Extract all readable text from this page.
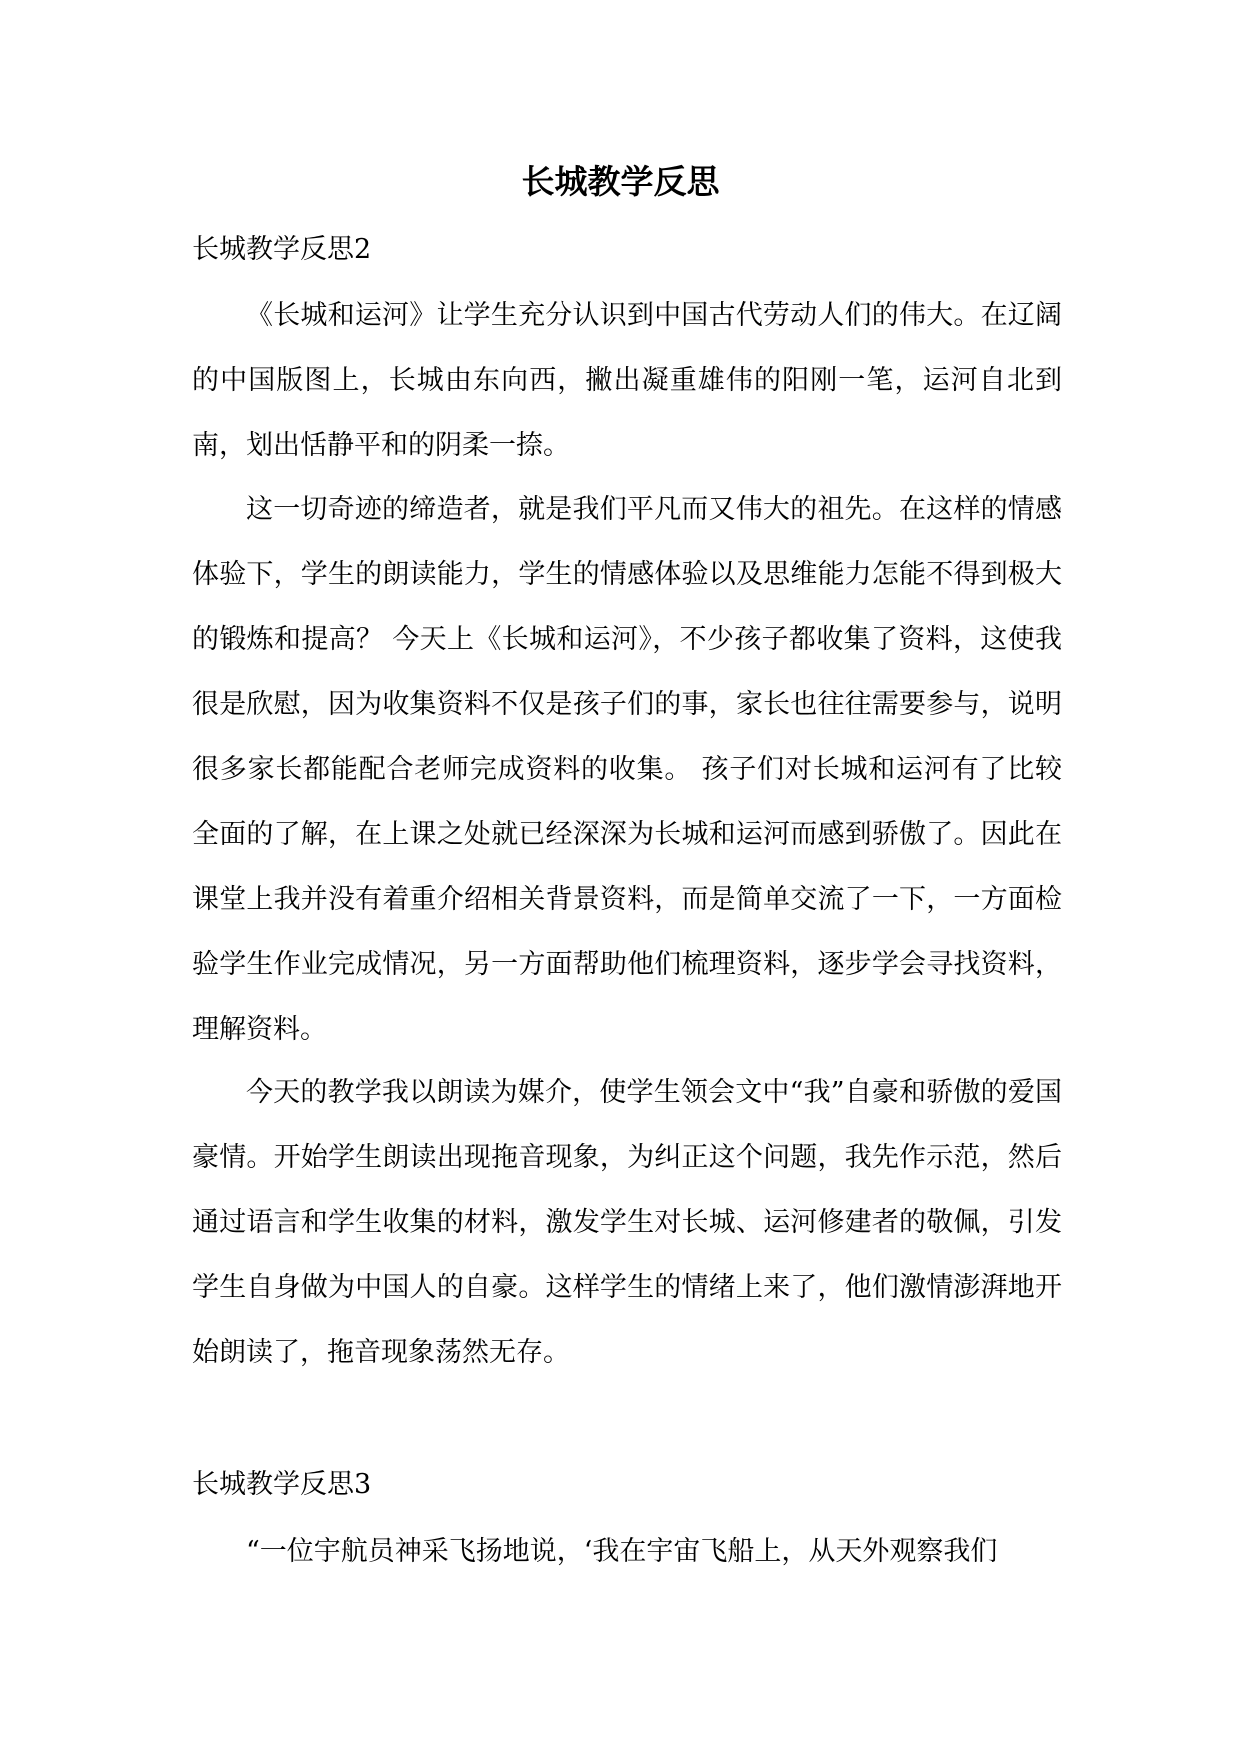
长城教学反思
长城教学反思2

《长城和运河》让学生充分认识到中国古代劳动人们的伟大。在辽阔的中国版图上，长城由东向西，撇出凝重雄伟的阳刚一笔，运河自北到南，划出恬静平和的阴柔一捺。

这一切奇迹的缔造者，就是我们平凡而又伟大的祖先。在这样的情感体验下，学生的朗读能力，学生的情感体验以及思维能力怎能不得到极大的锻炼和提高？ 今天上《长城和运河》，不少孩子都收集了资料，这使我很是欣慰，因为收集资料不仅是孩子们的事，家长也往往需要参与，说明很多家长都能配合老师完成资料的收集。 孩子们对长城和运河有了比较全面的了解，在上课之处就已经深深为长城和运河而感到骄傲了。因此在课堂上我并没有着重介绍相关背景资料，而是简单交流了一下，一方面检验学生作业完成情况，另一方面帮助他们梳理资料，逐步学会寻找资料，理解资料。

今天的教学我以朗读为媒介，使学生领会文中“我”自豪和骄傲的爱国豪情。开始学生朗读出现拖音现象，为纠正这个问题，我先作示范，然后通过语言和学生收集的材料，激发学生对长城、运河修建者的敬佩，引发学生自身做为中国人的自豪。这样学生的情绪上来了，他们激情澎湃地开始朗读了，拖音现象荡然无存。

长城教学反思3

“一位宇航员神采飞扬地说，‘我在宇宙飞船上，从天外观察我们
